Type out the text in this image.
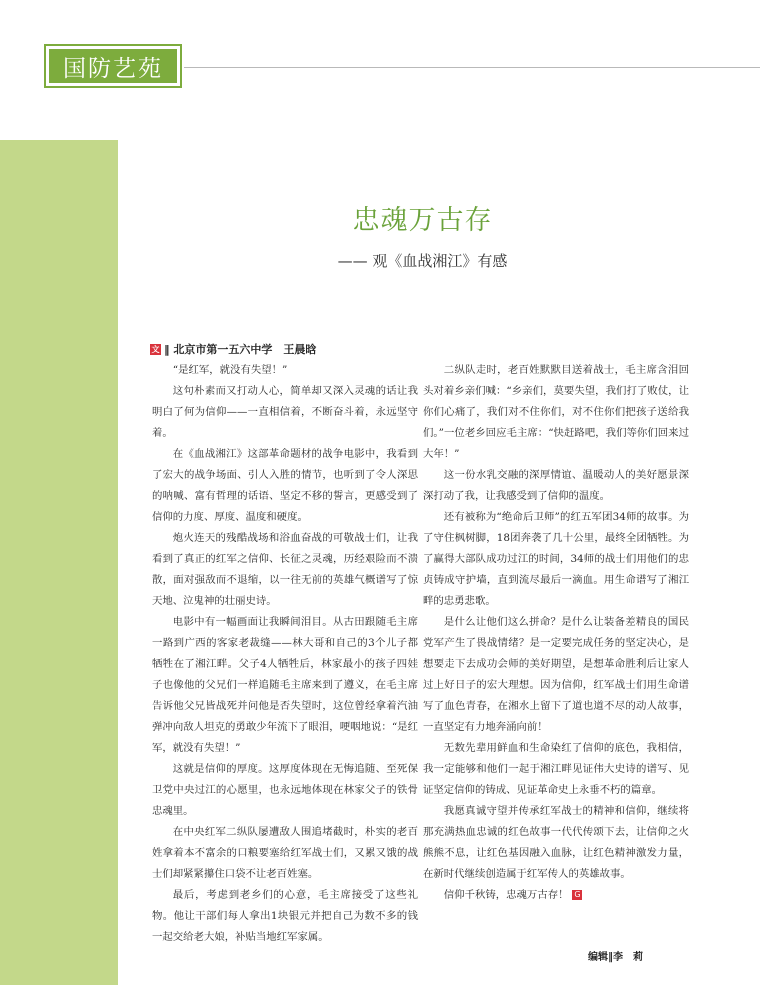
国防艺苑
忠魂万古存
—— 观《血战湘江》有感
文 ‖ 北京市第一五六中学　王晨晗

“是红军，就没有失望！”

这句朴素而又打动人心，简单却又深入灵魂的话让我明白了何为信仰——一直相信着，不断奋斗着，永远坚守着。

在《血战湘江》这部革命题材的战争电影中，我看到了宏大的战争场面、引人入胜的情节，也听到了令人深思的呐喊、富有哲理的话语、坚定不移的誓言，更感受到了信仰的力度、厚度、温度和硬度。

炮火连天的残酷战场和浴血奋战的可敬战士们，让我看到了真正的红军之信仰、长征之灵魂，历经艰险而不溃散，面对强敌而不退缩，以一往无前的英雄气概谱写了惊天地、泣鬼神的壮丽史诗。

电影中有一幅画面让我瞬间泪目。从古田跟随毛主席一路到广西的客家老裁缝——林大哥和自己的3个儿子都牺牲在了湘江畔。父子4人牺牲后，林家最小的孩子四娃子也像他的父兄们一样追随毛主席来到了遵义，在毛主席告诉他父兄皆战死并问他是否失望时，这位曾经拿着汽油弹冲向敌人坦克的勇敢少年流下了眼泪，哽咽地说：“是红军，就没有失望！”

这就是信仰的厚度。这厚度体现在无悔追随、至死保卫党中央过江的心愿里，也永远地体现在林家父子的铁骨忠魂里。

在中央红军二纵队屡遭敌人围追堵截时，朴实的老百姓拿着本不富余的口粮要塞给红军战士们，又累又饿的战士们却紧紧攥住口袋不让老百姓塞。

最后，考虑到老乡们的心意，毛主席接受了这些礼物。他让干部们每人拿出1块银元并把自己为数不多的钱一起交给老大娘，补贴当地红军家属。

二纵队走时，老百姓默默目送着战士，毛主席含泪回头对着乡亲们喊：“乡亲们，莫要失望，我们打了败仗，让你们心痛了，我们对不住你们，对不住你们把孩子送给我们。”一位老乡回应毛主席：“快赶路吧，我们等你们回来过大年！”

这一份水乳交融的深厚情谊、温暖动人的美好愿景深深打动了我，让我感受到了信仰的温度。

还有被称为“绝命后卫师”的红五军团34师的故事。为了守住枫树脚，18团奔袭了几十公里，最终全团牺牲。为了赢得大部队成功过江的时间，34师的战士们用他们的忠贞铸成守护墙，直到流尽最后一滴血。用生命谱写了湘江畔的忠勇悲歌。

是什么让他们这么拼命？是什么让装备差精良的国民党军产生了畏战情绪？是一定要完成任务的坚定决心，是想要走下去成功会师的美好期望，是想革命胜利后让家人过上好日子的宏大理想。因为信仰，红军战士们用生命谱写了血色青春，在湘水上留下了道也道不尽的动人故事，一直坚定有力地奔涌向前！

无数先辈用鲜血和生命染红了信仰的底色，我相信，我一定能够和他们一起于湘江畔见证伟大史诗的谱写、见证坚定信仰的铸成、见证革命史上永垂不朽的篇章。

我愿真诚守望并传承红军战士的精神和信仰，继续将那充满热血忠诚的红色故事一代代传颂下去，让信仰之火熊熊不息，让红色基因融入血脉，让红色精神激发力量，在新时代继续创造属于红军传人的英雄故事。

信仰千秋铸，忠魂万古存！ G

编辑‖李　莉
